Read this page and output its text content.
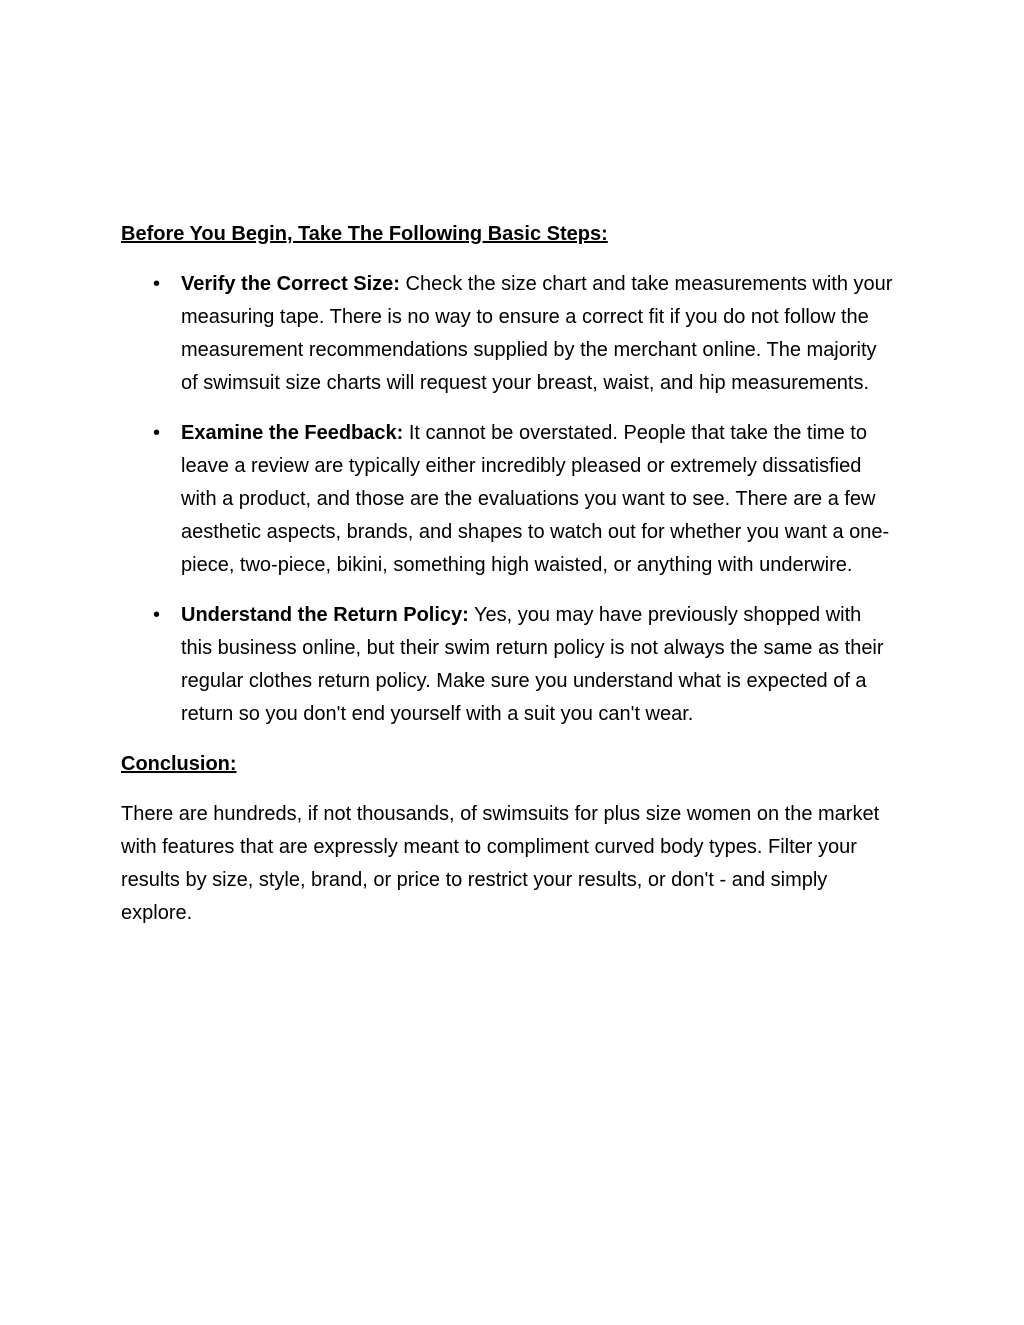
Before You Begin, Take The Following Basic Steps:

• Verify the Correct Size: Check the size chart and take measurements with your measuring tape. There is no way to ensure a correct fit if you do not follow the measurement recommendations supplied by the merchant online. The majority of swimsuit size charts will request your breast, waist, and hip measurements.
• Examine the Feedback: It cannot be overstated. People that take the time to leave a review are typically either incredibly pleased or extremely dissatisfied with a product, and those are the evaluations you want to see. There are a few aesthetic aspects, brands, and shapes to watch out for whether you want a one-piece, two-piece, bikini, something high waisted, or anything with underwire.
• Understand the Return Policy: Yes, you may have previously shopped with this business online, but their swim return policy is not always the same as their regular clothes return policy. Make sure you understand what is expected of a return so you don't end yourself with a suit you can't wear.

Conclusion:

There are hundreds, if not thousands, of swimsuits for plus size women on the market with features that are expressly meant to compliment curved body types. Filter your results by size, style, brand, or price to restrict your results, or don't - and simply explore.
